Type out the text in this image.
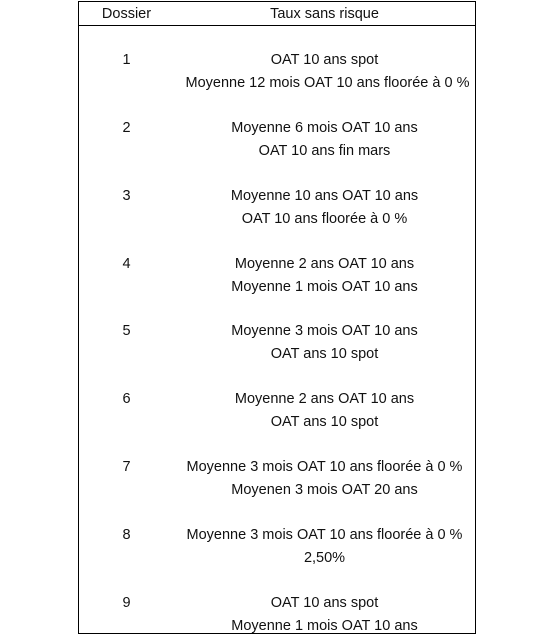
Dossier	Taux sans risque
1	OAT 10 ans spot
Moyenne 12 mois OAT 10 ans floorée à 0 %
2	Moyenne 6 mois OAT 10 ans
OAT 10 ans fin mars
3	Moyenne 10 ans OAT 10 ans
OAT 10 ans floorée à 0 %
4	Moyenne 2 ans OAT 10 ans
Moyenne 1 mois OAT 10 ans
5	Moyenne 3 mois OAT 10 ans
OAT ans 10 spot
6	Moyenne 2 ans OAT 10 ans
OAT ans 10 spot
7	Moyenne 3 mois OAT 10 ans floorée à 0 %
Moyenen 3 mois OAT 20 ans
8	Moyenne 3 mois OAT 10 ans floorée à 0 %
2,50%
9	OAT 10 ans spot
Moyenne 1 mois OAT 10 ans
